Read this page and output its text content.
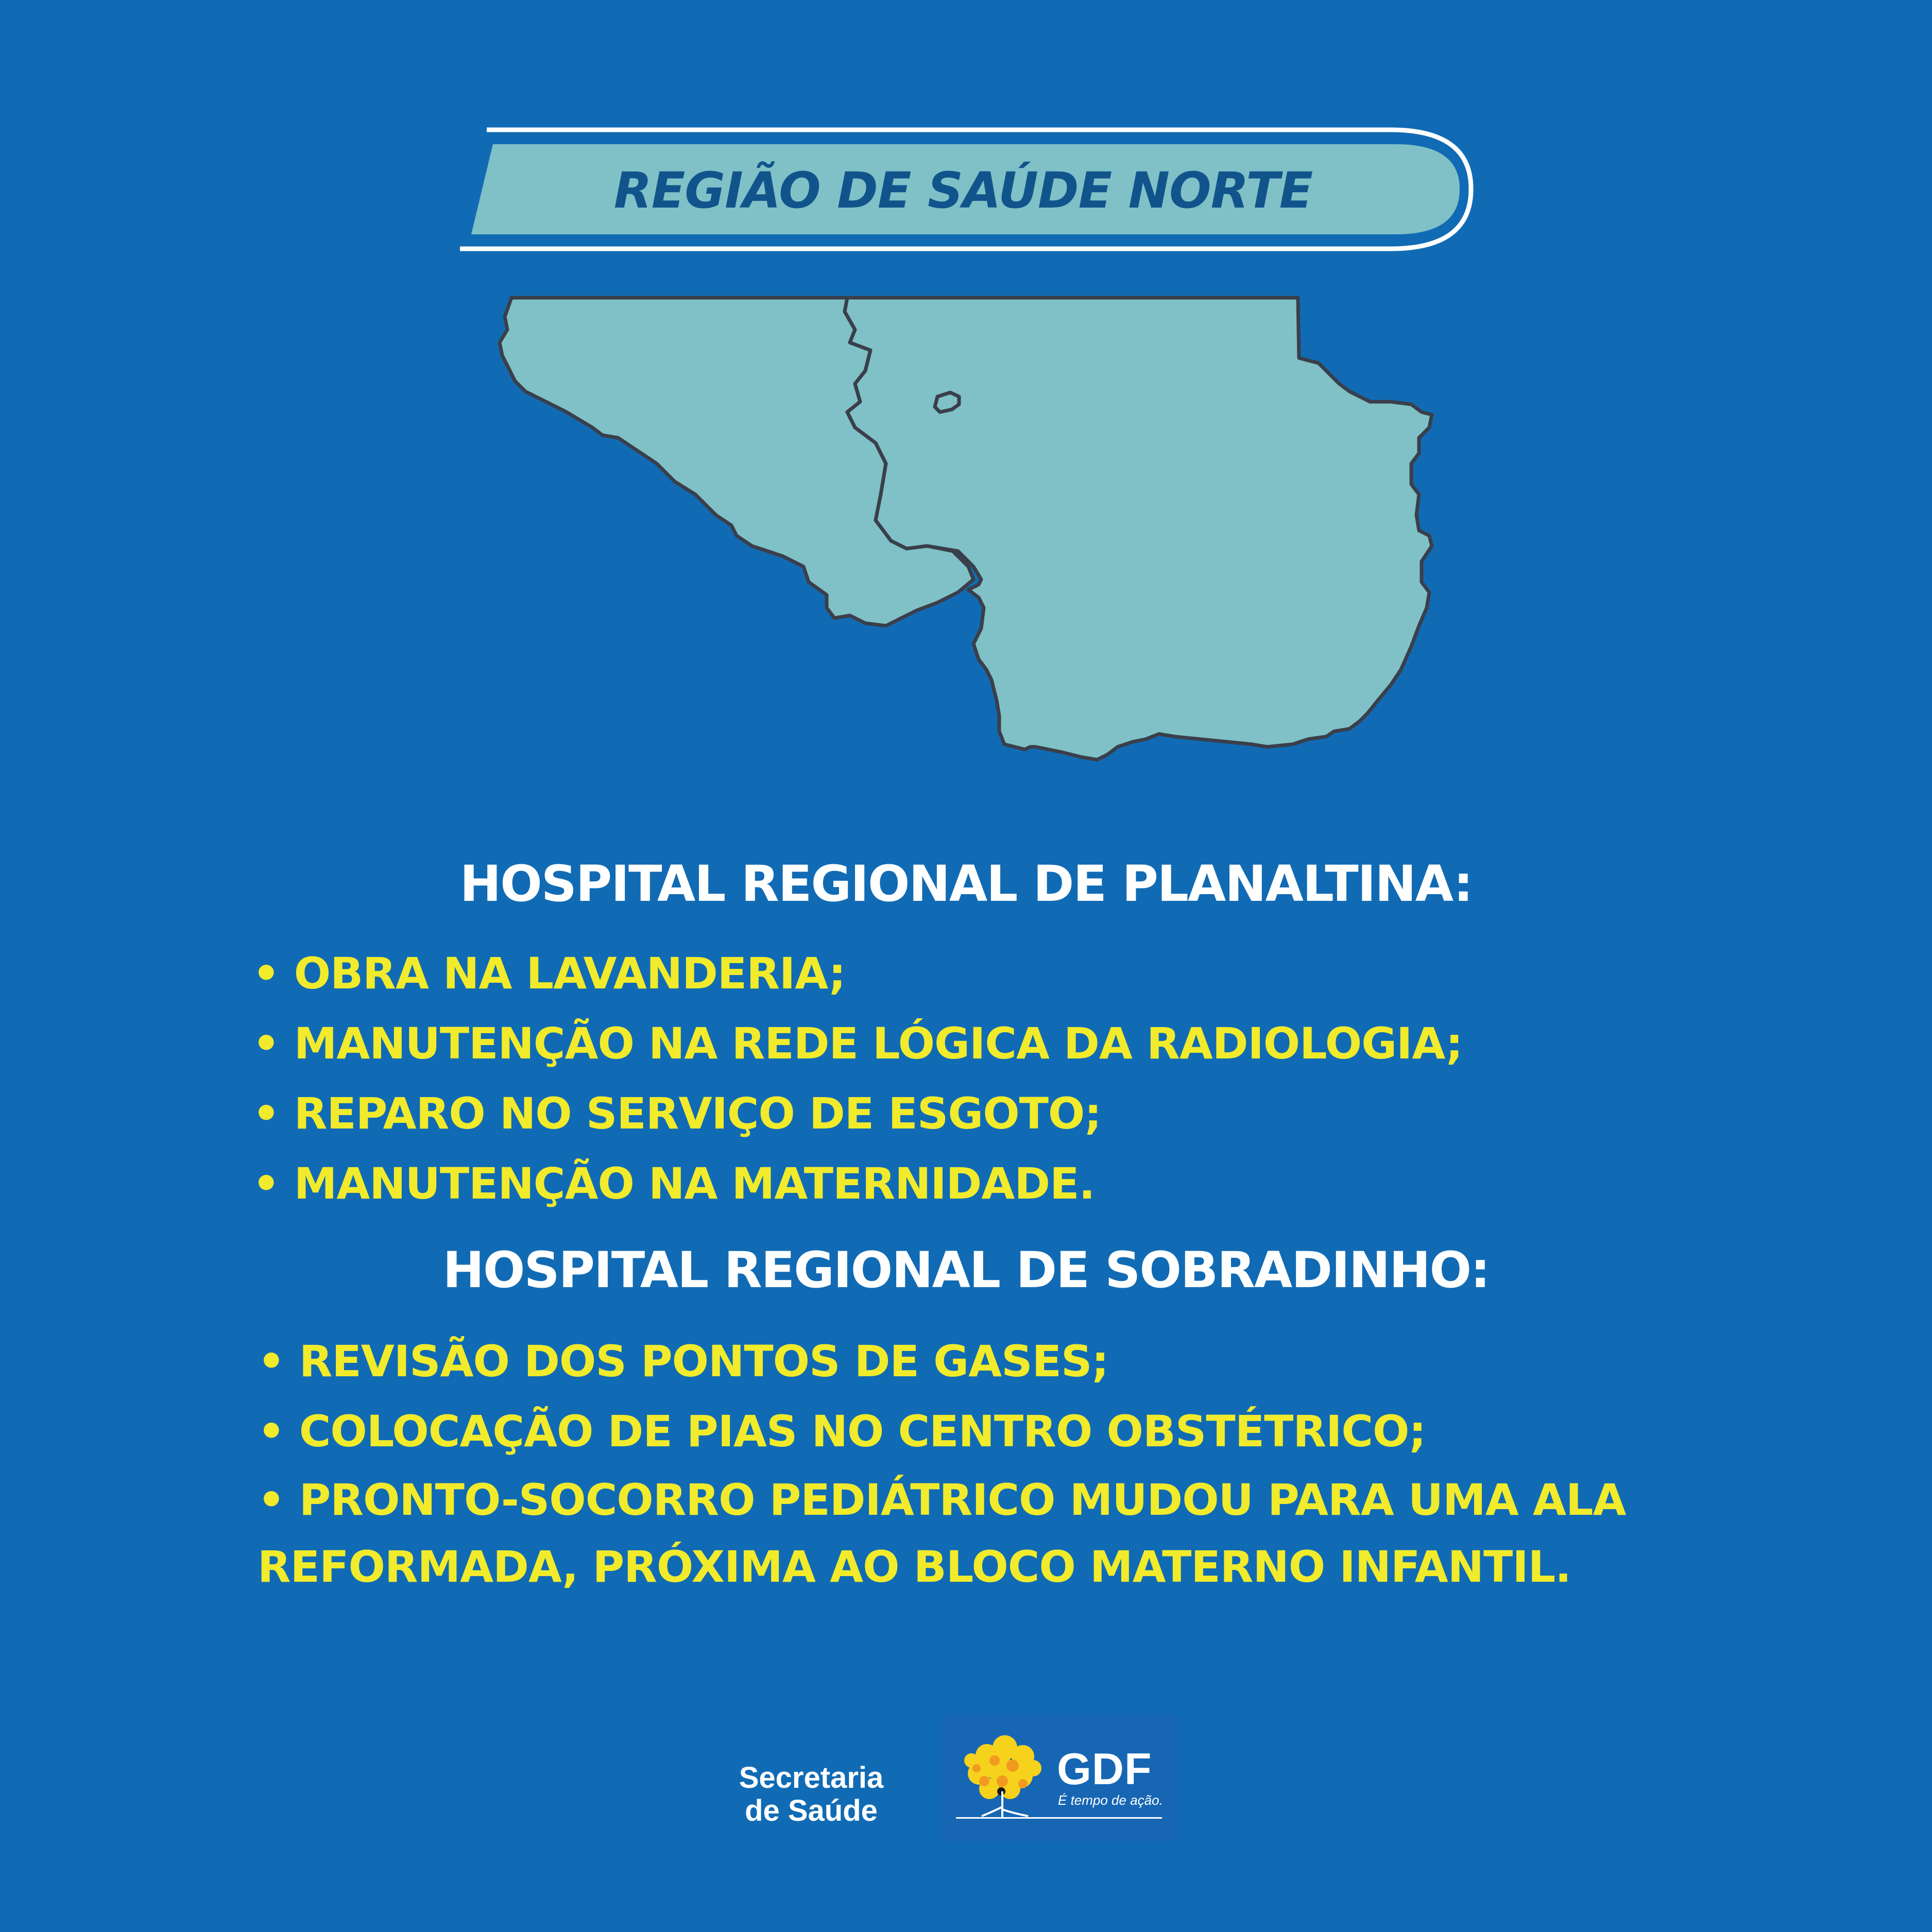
REGIÃO DE SAÚDE NORTE
HOSPITAL REGIONAL DE PLANALTINA:
• OBRA NA LAVANDERIA;
• MANUTENÇÃO NA REDE LÓGICA DA RADIOLOGIA;
• REPARO NO SERVIÇO DE ESGOTO;
• MANUTENÇÃO NA MATERNIDADE.
HOSPITAL REGIONAL DE SOBRADINHO:
• REVISÃO DOS PONTOS DE GASES;
• COLOCAÇÃO DE PIAS NO CENTRO OBSTÉTRICO;
• PRONTO-SOCORRO PEDIÁTRICO MUDOU PARA UMA ALA REFORMADA, PRÓXIMA AO BLOCO MATERNO INFANTIL.
Secretaria
de Saúde
GDF
É tempo de ação.
